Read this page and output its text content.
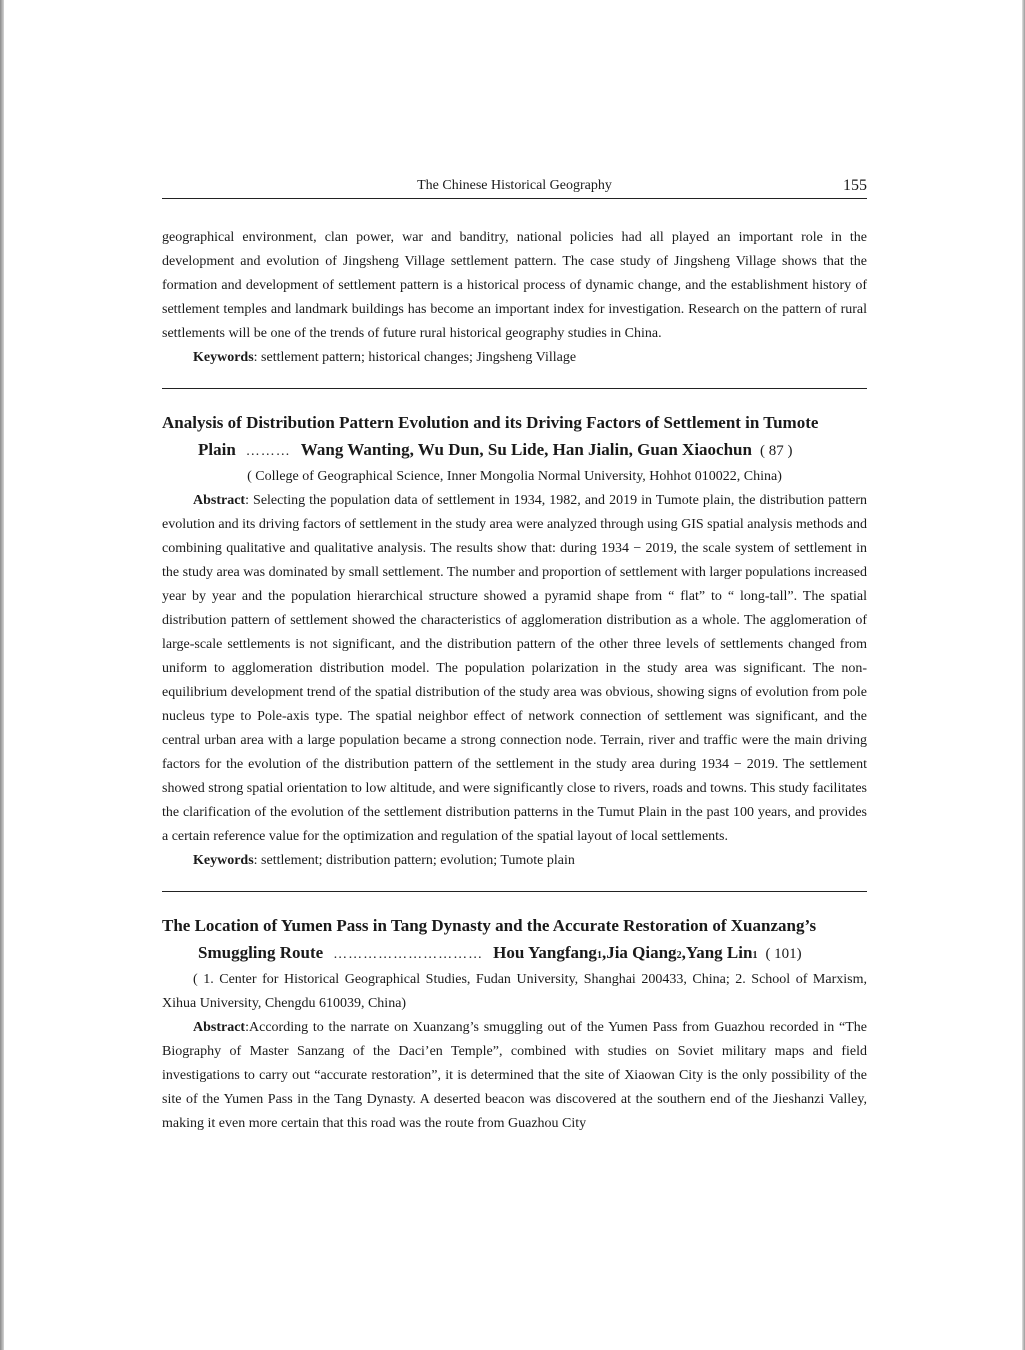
The Chinese Historical Geography	155

geographical environment, clan power, war and banditry, national policies had all played an important role in the development and evolution of Jingsheng Village settlement pattern. The case study of Jingsheng Village shows that the formation and development of settlement pattern is a historical process of dynamic change, and the establishment history of settlement temples and landmark buildings has become an important index for investigation. Research on the pattern of rural settlements will be one of the trends of future rural historical geography studies in China.

Keywords: settlement pattern; historical changes; Jingsheng Village

Analysis of Distribution Pattern Evolution and its Driving Factors of Settlement in Tumote

Plain ……… Wang Wanting, Wu Dun, Su Lide, Han Jialin, Guan Xiaochun ( 87 )

( College of Geographical Science, Inner Mongolia Normal University, Hohhot 010022, China)

Abstract: Selecting the population data of settlement in 1934, 1982, and 2019 in Tumote plain, the distribution pattern evolution and its driving factors of settlement in the study area were analyzed through using GIS spatial analysis methods and combining qualitative and qualitative analysis. The results show that: during 1934 − 2019, the scale system of settlement in the study area was dominated by small settlement. The number and proportion of settlement with larger populations increased year by year and the population hierarchical structure showed a pyramid shape from “ flat” to “ long-tall”. The spatial distribution pattern of settlement showed the characteristics of agglomeration distribution as a whole. The agglomeration of large-scale settlements is not significant, and the distribution pattern of the other three levels of settlements changed from uniform to agglomeration distribution model. The population polarization in the study area was significant. The non-equilibrium development trend of the spatial distribution of the study area was obvious, showing signs of evolution from pole nucleus type to Pole-axis type. The spatial neighbor effect of network connection of settlement was significant, and the central urban area with a large population became a strong connection node. Terrain, river and traffic were the main driving factors for the evolution of the distribution pattern of the settlement in the study area during 1934 − 2019. The settlement showed strong spatial orientation to low altitude, and were significantly close to rivers, roads and towns. This study facilitates the clarification of the evolution of the settlement distribution patterns in the Tumut Plain in the past 100 years, and provides a certain reference value for the optimization and regulation of the spatial layout of local settlements.

Keywords: settlement; distribution pattern; evolution; Tumote plain

The Location of Yumen Pass in Tang Dynasty and the Accurate Restoration of Xuanzang’s

Smuggling Route ………………………… Hou Yangfang 1 , Jia Qiang 2 , Yang Lin 1 ( 101)

( 1. Center for Historical Geographical Studies, Fudan University, Shanghai 200433, China; 2. School of Marxism, Xihua University, Chengdu 610039, China)

Abstract:According to the narrate on Xuanzang’s smuggling out of the Yumen Pass from Guazhou recorded in “The Biography of Master Sanzang of the Daci’en Temple”, combined with studies on Soviet military maps and field investigations to carry out “accurate restoration”, it is determined that the site of Xiaowan City is the only possibility of the site of the Yumen Pass in the Tang Dynasty. A deserted beacon was discovered at the southern end of the Jieshanzi Valley, making it even more certain that this road was the route from Guazhou City
